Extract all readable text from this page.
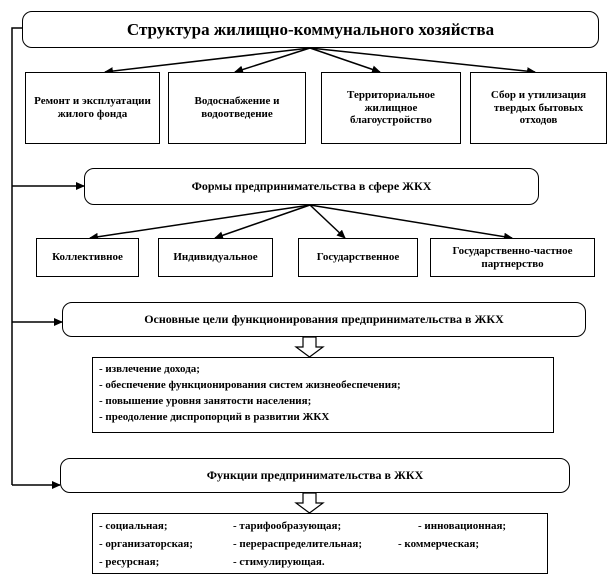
Структура жилищно-коммунального хозяйства
Ремонт и эксплуатации жилого фонда
Водоснабжение и водоотведение
Территориальное жилищное благоустройство
Сбор и утилизация твердых бытовых отходов
Формы предпринимательства в сфере ЖКХ
Коллективное	Индивидуальное	Государственное
Государственно-частное партнерство
Основные цели функционирования предпринимательства в ЖКХ
- извлечение дохода;
- обеспечение функционирования систем жизнеобеспечения;
- повышение уровня занятости населения;
- преодоление диспропорций в развитии ЖКХ
Функции предпринимательства в ЖКХ
- социальная;	- тарифообразующая;	- инновационная;
- организаторская;	- перераспределительная;	- коммерческая;
- ресурсная;	- стимулирующая.
